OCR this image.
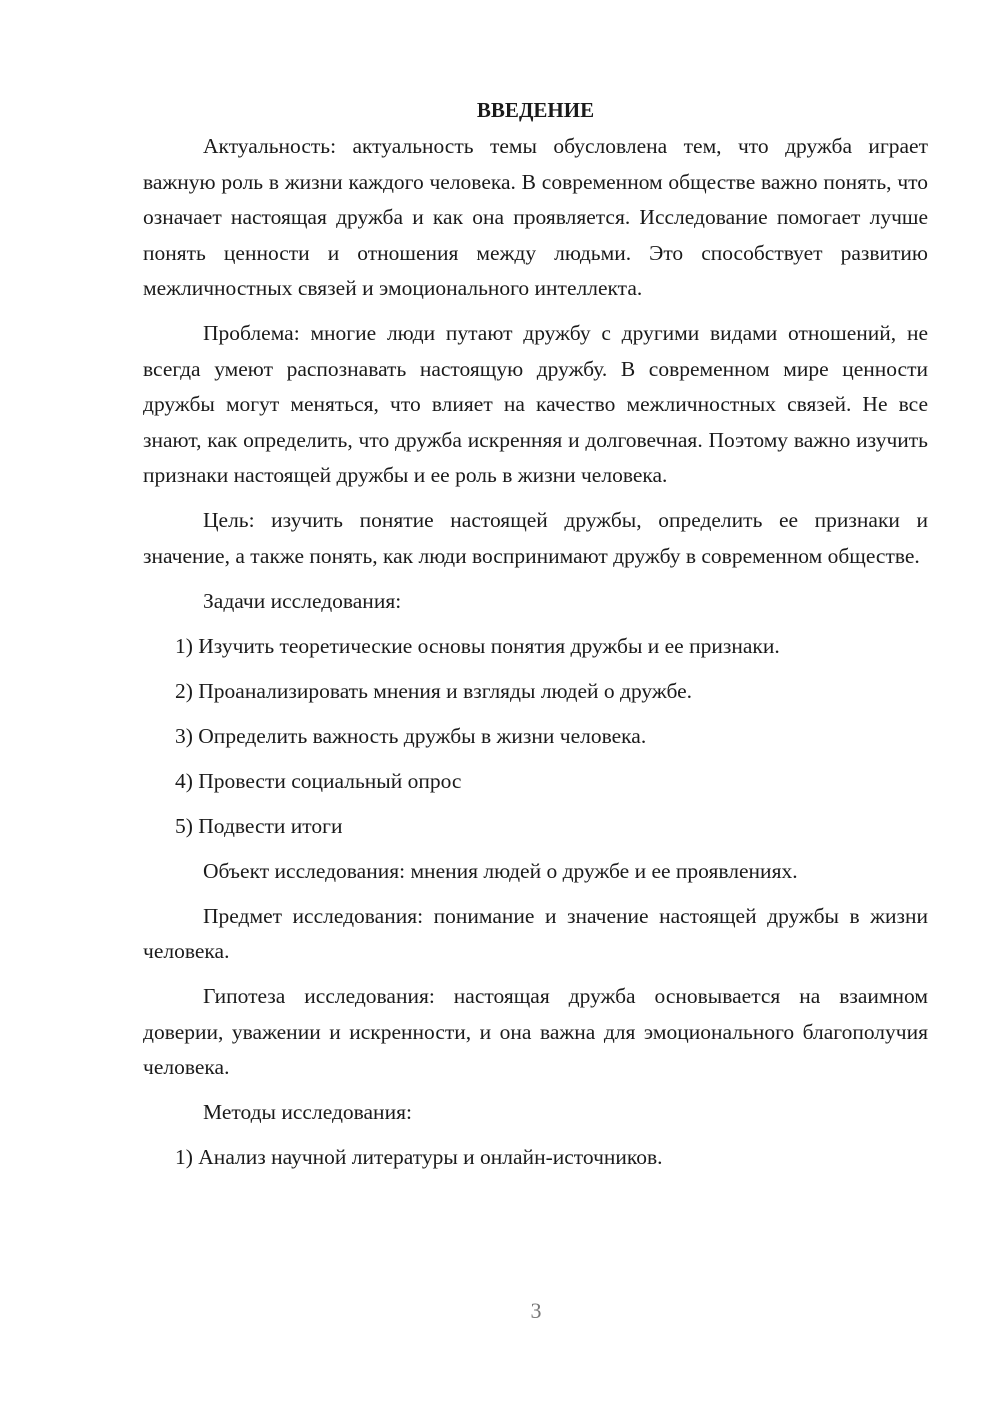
ВВЕДЕНИЕ

Актуальность: актуальность темы обусловлена тем, что дружба играет важную роль в жизни каждого человека. В современном обществе важно понять, что означает настоящая дружба и как она проявляется. Исследование помогает лучше понять ценности и отношения между людьми. Это способствует развитию межличностных связей и эмоционального интеллекта.

Проблема: многие люди путают дружбу с другими видами отношений, не всегда умеют распознавать настоящую дружбу. В современном мире ценности дружбы могут меняться, что влияет на качество межличностных связей. Не все знают, как определить, что дружба искренняя и долговечная. Поэтому важно изучить признаки настоящей дружбы и ее роль в жизни человека.

Цель: изучить понятие настоящей дружбы, определить ее признаки и значение, а также понять, как люди воспринимают дружбу в современном обществе.

Задачи исследования:
1) Изучить теоретические основы понятия дружбы и ее признаки.
2) Проанализировать мнения и взгляды людей о дружбе.
3) Определить важность дружбы в жизни человека.
4) Провести социальный опрос
5) Подвести итоги
Объект исследования: мнения людей о дружбе и ее проявлениях.

Предмет исследования: понимание и значение настоящей дружбы в жизни человека.

Гипотеза исследования: настоящая дружба основывается на взаимном доверии, уважении и искренности, и она важна для эмоционального благополучия человека.

Методы исследования:
1) Анализ научной литературы и онлайн-источников.
3
